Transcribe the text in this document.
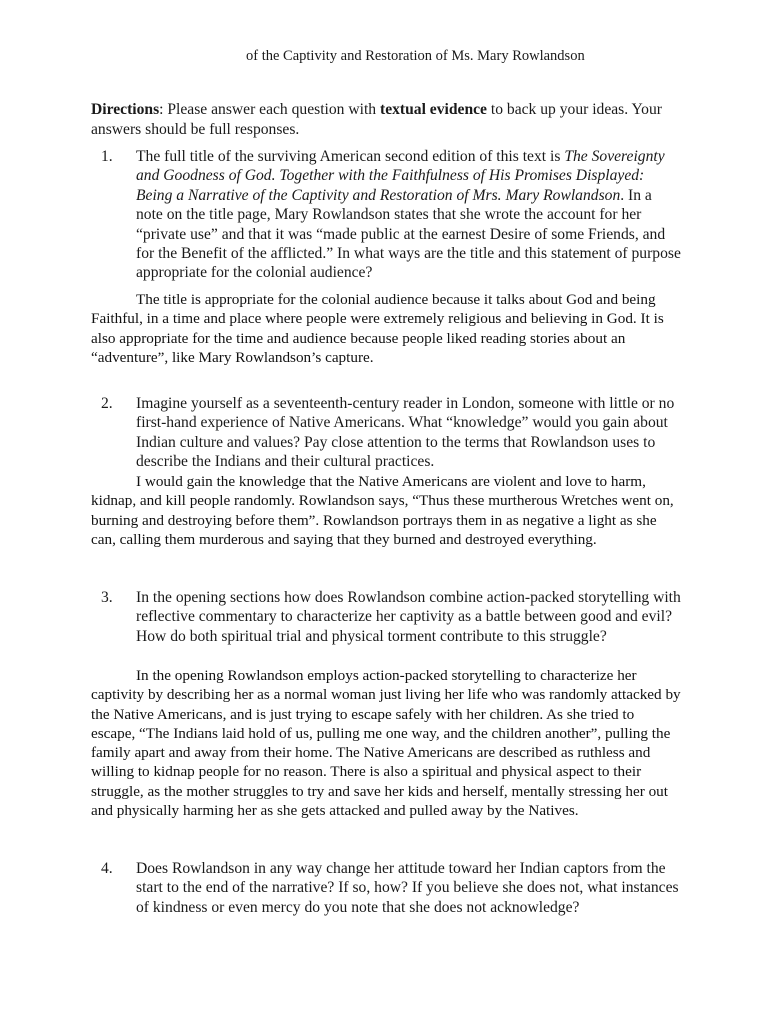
of the Captivity and Restoration of Ms. Mary Rowlandson
Directions: Please answer each question with textual evidence to back up your ideas. Your answers should be full responses.
1. The full title of the surviving American second edition of this text is The Sovereignty and Goodness of God. Together with the Faithfulness of His Promises Displayed: Being a Narrative of the Captivity and Restoration of Mrs. Mary Rowlandson. In a note on the title page, Mary Rowlandson states that she wrote the account for her “private use” and that it was “made public at the earnest Desire of some Friends, and for the Benefit of the afflicted.” In what ways are the title and this statement of purpose appropriate for the colonial audience?
The title is appropriate for the colonial audience because it talks about God and being Faithful, in a time and place where people were extremely religious and believing in God. It is also appropriate for the time and audience because people liked reading stories about an “adventure”, like Mary Rowlandson’s capture.
2. Imagine yourself as a seventeenth-century reader in London, someone with little or no first-hand experience of Native Americans. What “knowledge” would you gain about Indian culture and values? Pay close attention to the terms that Rowlandson uses to describe the Indians and their cultural practices.
I would gain the knowledge that the Native Americans are violent and love to harm, kidnap, and kill people randomly. Rowlandson says, “Thus these murtherous Wretches went on, burning and destroying before them”. Rowlandson portrays them in as negative a light as she can, calling them murderous and saying that they burned and destroyed everything.
3. In the opening sections how does Rowlandson combine action-packed storytelling with reflective commentary to characterize her captivity as a battle between good and evil? How do both spiritual trial and physical torment contribute to this struggle?
In the opening Rowlandson employs action-packed storytelling to characterize her captivity by describing her as a normal woman just living her life who was randomly attacked by the Native Americans, and is just trying to escape safely with her children. As she tried to escape, “The Indians laid hold of us, pulling me one way, and the children another”, pulling the family apart and away from their home. The Native Americans are described as ruthless and willing to kidnap people for no reason. There is also a spiritual and physical aspect to their struggle, as the mother struggles to try and save her kids and herself, mentally stressing her out and physically harming her as she gets attacked and pulled away by the Natives.
4. Does Rowlandson in any way change her attitude toward her Indian captors from the start to the end of the narrative? If so, how? If you believe she does not, what instances of kindness or even mercy do you note that she does not acknowledge?
